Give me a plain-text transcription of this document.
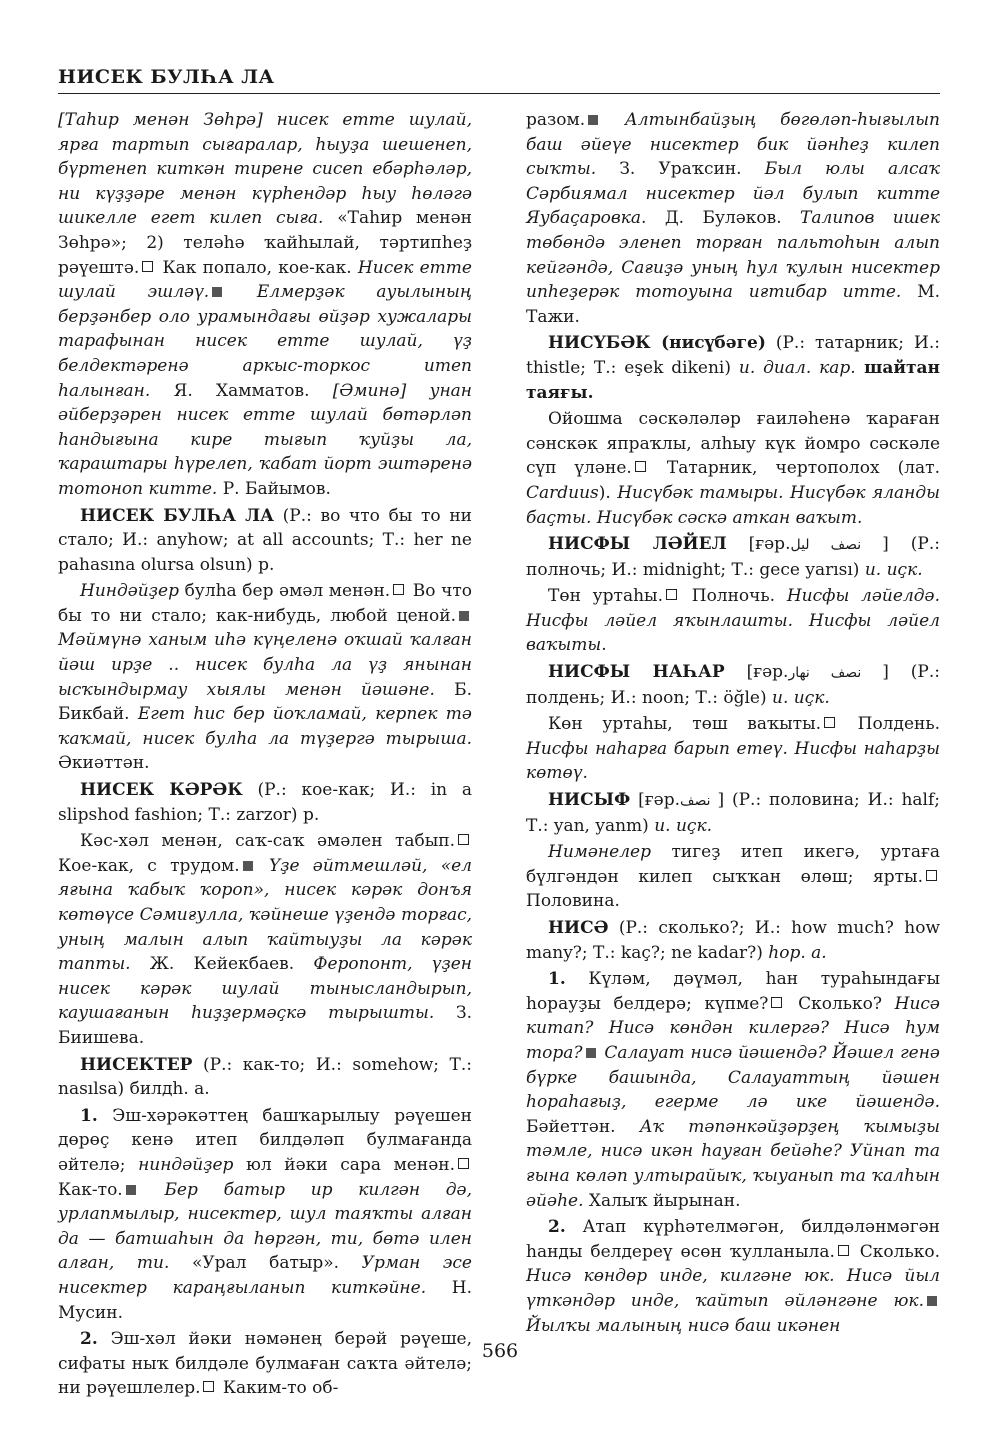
НИСЕК БУЛҺА ЛА

[Таһир менән Зөһрә] нисек етте шулай, ярға тартып сығаралар, һыуҙа шешенеп, бүртенеп киткән тирене сисеп ебәрһәләр, ни күҙҙәре менән күрһендәр һыу һөләгә шикелле егет килеп сыға. «Таһир менән Зөһрә»; 2) теләһә ҡайһылай, тәртипһеҙ рәүештә. Как попало, кое-как. Нисек етте шулай эшләү. Елмерҙәк ауылының берҙәнбер оло урамындағы өйҙәр хужалары тарафынан нисек етте шулай, үҙ белдектәренә аркыс-торкос итеп һалынған. Я. Хамматов. [Әминә] унан әйберҙәрен нисек етте шулай бөтәрләп һандығына кире тығып ҡуйҙы ла, ҡараштары һүрелеп, ҡабат йорт эштәренә тотоноп китте. Р. Байымов.

НИСЕК БУЛҺА ЛА (Р.: во что бы то ни стало; И.: anyhow; at all accounts; Т.: her ne pahasına olursa olsun) р.

Ниндәйҙер булһа бер әмәл менән. Во что бы то ни стало; как-нибудь, любой ценой. Мәймүнә ханым иһә күңеленә оҡшай ҡалған йәш ирҙе .. нисек булһа ла үҙ янынан ысҡындырмау хыялы менән йәшәне. Б. Бикбай. Егет һис бер йоҡламай, керпек тә ҡаҡмай, нисек булһа ла түҙергә тырыша. Әкиәттән.

НИСЕК КӘРӘК (Р.: кое-как; И.: in a slipshod fashion; Т.: zarzor) р.

Кәс-хәл менән, саҡ-саҡ әмәлен табып. Кое-как, с трудом. Үҙе әйтмешләй, «ел яғына ҡабыҡ ҡороп», нисек кәрәк донъя көтөүсе Сәмиғулла, ҡәйнеше үҙендә торғас, уның малын алып ҡайтыуҙы ла кәрәк тапты. Ж. Кейекбаев. Феропонт, үҙен нисек кәрәк шулай тынысландырып, каушағанын һиҙҙермәҫкә тырышты. З. Биишева.

НИСЕКТЕР (Р.: как-то; И.: somehow; Т.: nasılsa) билдһ. а.

1. Эш-хәрәкәттең башҡарылыу рәүешен дөрөҫ кенә итеп билдәләп булмағанда әйтелә; ниндәйҙер юл йәки сара менән. Как-то. Бер батыр ир килгән дә, урлапмылыр, нисектер, шул таяҡты алған да — батшаһын да һөргән, ти, бөтә илен алған, ти. «Урал батыр». Урман эсе нисектер караңғыланып киткәйне. Н. Мусин.

2. Эш-хәл йәки нәмәнең берәй рәүеше, сифаты ныҡ билдәле булмаған саҡта әйтелә; ни рәүешлелер. Каким-то об-

разом. Алтынбайҙың бөгөләп-һығылып баш әйеүе нисектер бик йәнһеҙ килеп сыҡты. З. Ураҡсин. Был юлы алсаҡ Сәрбиямал нисектер йәл булып китте Яубаҫаровка. Д. Буләков. Талипов ишек төбөндә эленеп торған пальтоһын алып кейгәндә, Сағиҙә уның һул ҡулын нисектер ипһеҙерәк тотоуына иғтибар итте. М. Тажи.

НИСҮБӘК (нисүбәге) (Р.: татарник; И.: thistle; Т.: eşek dikeni) и. диал. кар. шайтан таяғы.

Ойошма сәскәләләр ғаиләһенә ҡараған сәнскәк япраҡлы, алһыу күк йомро сәскәле сүп үләне. Татарник, чертополох (лат. Carduus). Нисүбәк тамыры. Нисүбәк яланды баҫты. Нисүбәк сәскә аткан ваҡыт.

НИСФЫ ЛӘЙЕЛ [ғәр. نصف ليل] (Р.: полночь; И.: midnight; Т.: gece yarısı) и. иҫк.

Төн уртаһы. Полночь. Нисфы ләйелдә. Нисфы ләйел яҡынлашты. Нисфы ләйел ваҡыты.

НИСФЫ НАҺАР [ғәр. نصف نهار] (Р.: полдень; И.: noon; Т.: öğle) и. иҫк.

Көн уртаһы, төш ваҡыты. Полдень. Нисфы наһарға барып етеү. Нисфы наһарҙы көтөү.

НИСЫФ [ғәр. نصف] (Р.: половина; И.: half; Т.: yan, yanm) и. иҫк.

Нимәнелер тигеҙ итеп икегә, уртаға бүлгәндән килеп сыҡҡан өлөш; ярты. Половина.

НИСӘ (Р.: сколько?; И.: how much? how many?; Т.: kaç?; ne kadar?) һор. а.

1. Күләм, дәүмәл, һан тураһындағы һорауҙы белдерә; күпме? Сколько? Нисә китап? Нисә көндән килергә? Нисә һум тора? Салауат нисә йәшендә? Йәшел генә бүрке башында, Салауаттың йәшен һораһағыҙ, егерме лә ике йәшендә. Бәйеттән. Аҡ тәпәнкәйҙәрҙең ҡымыҙы тәмле, нисә икән һауған бейәһе? Уйнап та ғына көләп ултырайыҡ, ҡыуанып та ҡалһын әйәһе. Халыҡ йырынан.

2. Атап күрһәтелмәгән, билдәләнмәгән һанды белдереү өсөн ҡулланыла. Сколько. Нисә көндөр инде, килгәне юк. Нисә йыл үткәндәр инде, ҡайтып әйләнгәне юк. Йылҡы малының нисә баш икәнен

566
